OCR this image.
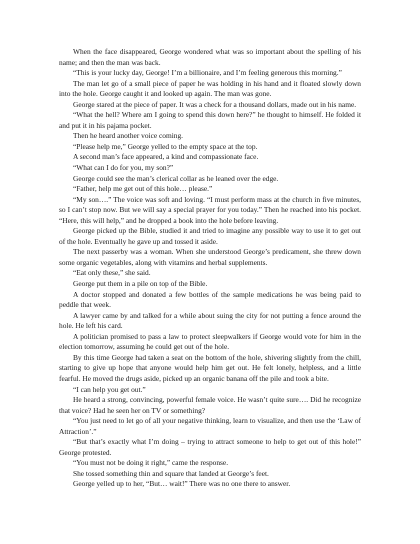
When the face disappeared, George wondered what was so important about the spelling of his name; and then the man was back.

“This is your lucky day, George! I’m a billionaire, and I’m feeling generous this morning.”

The man let go of a small piece of paper he was holding in his hand and it floated slowly down into the hole. George caught it and looked up again. The man was gone.

George stared at the piece of paper. It was a check for a thousand dollars, made out in his name.

“What the hell? Where am I going to spend this down here?” he thought to himself. He folded it and put it in his pajama pocket.

Then he heard another voice coming.

“Please help me,” George yelled to the empty space at the top.

A second man’s face appeared, a kind and compassionate face.

“What can I do for you, my son?”

George could see the man’s clerical collar as he leaned over the edge.

“Father, help me get out of this hole… please.”

“My son….” The voice was soft and loving. “I must perform mass at the church in five minutes, so I can’t stop now. But we will say a special prayer for you today.” Then he reached into his pocket. “Here, this will help,” and he dropped a book into the hole before leaving.

George picked up the Bible, studied it and tried to imagine any possible way to use it to get out of the hole. Eventually he gave up and tossed it aside.

The next passerby was a woman. When she understood George’s predicament, she threw down some organic vegetables, along with vitamins and herbal supplements.

“Eat only these,” she said.

George put them in a pile on top of the Bible.

A doctor stopped and donated a few bottles of the sample medications he was being paid to peddle that week.

A lawyer came by and talked for a while about suing the city for not putting a fence around the hole. He left his card.

A politician promised to pass a law to protect sleepwalkers if George would vote for him in the election tomorrow, assuming he could get out of the hole.

By this time George had taken a seat on the bottom of the hole, shivering slightly from the chill, starting to give up hope that anyone would help him get out. He felt lonely, helpless, and a little fearful. He moved the drugs aside, picked up an organic banana off the pile and took a bite.

“I can help you get out.”

He heard a strong, convincing, powerful female voice. He wasn’t quite sure…. Did he recognize that voice? Had he seen her on TV or something?

“You just need to let go of all your negative thinking, learn to visualize, and then use the ‘Law of Attraction’.”

“But that’s exactly what I’m doing – trying to attract someone to help to get out of this hole!” George protested.

“You must not be doing it right,” came the response.

She tossed something thin and square that landed at George’s feet.

George yelled up to her, “But… wait!” There was no one there to answer.
